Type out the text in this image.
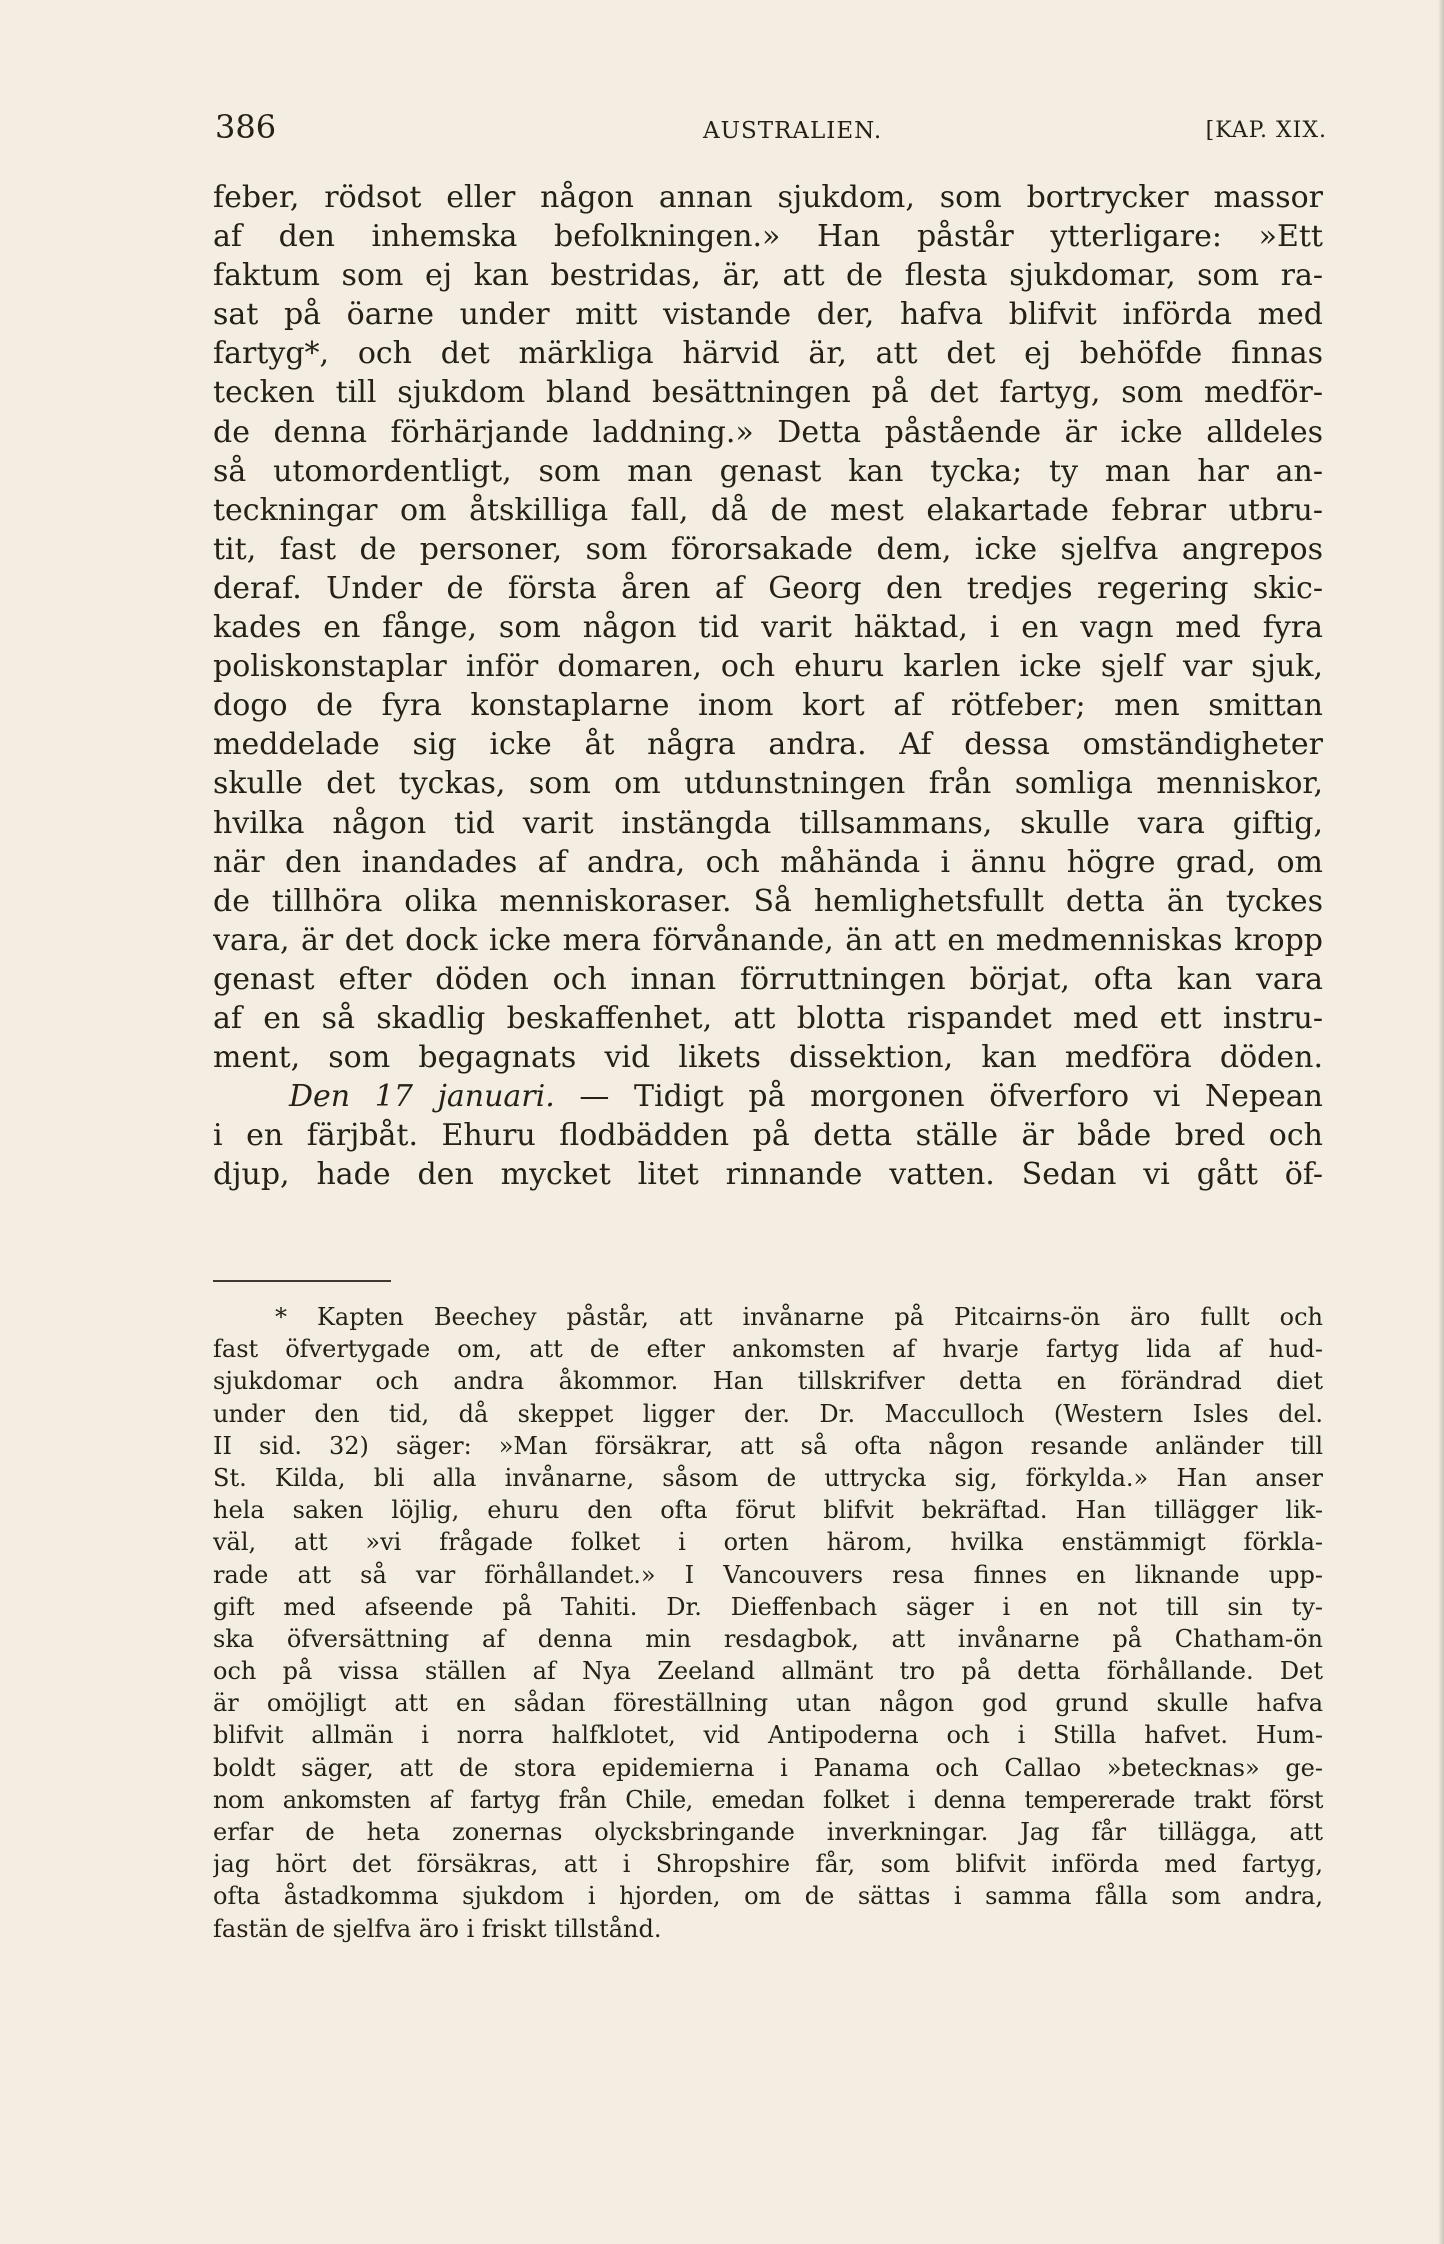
386	AUSTRALIEN.	[KAP. XIX.
feber, rödsot eller någon annan sjukdom, som bortrycker massor
af den inhemska befolkningen.» Han påstår ytterligare: »Ett
faktum som ej kan bestridas, är, att de flesta sjukdomar, som ra-
sat på öarne under mitt vistande der, hafva blifvit införda med
fartyg*, och det märkliga härvid är, att det ej behöfde finnas
tecken till sjukdom bland besättningen på det fartyg, som medför-
de denna förhärjande laddning.» Detta påstående är icke alldeles
så utomordentligt, som man genast kan tycka; ty man har an-
teckningar om åtskilliga fall, då de mest elakartade febrar utbru-
tit, fast de personer, som förorsakade dem, icke sjelfva angrepos
deraf. Under de första åren af Georg den tredjes regering skic-
kades en fånge, som någon tid varit häktad, i en vagn med fyra
poliskonstaplar inför domaren, och ehuru karlen icke sjelf var sjuk,
dogo de fyra konstaplarne inom kort af rötfeber; men smittan
meddelade sig icke åt några andra. Af dessa omständigheter
skulle det tyckas, som om utdunstningen från somliga menniskor,
hvilka någon tid varit instängda tillsammans, skulle vara giftig,
när den inandades af andra, och måhända i ännu högre grad, om
de tillhöra olika menniskoraser. Så hemlighetsfullt detta än tyckes
vara, är det dock icke mera förvånande, än att en medmenniskas kropp
genast efter döden och innan förruttningen börjat, ofta kan vara
af en så skadlig beskaffenhet, att blotta rispandet med ett instru-
ment, som begagnats vid likets dissektion, kan medföra döden.
Den 17 januari. — Tidigt på morgonen öfverforo vi Nepean
i en färjbåt. Ehuru flodbädden på detta ställe är både bred och
djup, hade den mycket litet rinnande vatten. Sedan vi gått öf-
* Kapten Beechey påstår, att invånarne på Pitcairns-ön äro fullt och
fast öfvertygade om, att de efter ankomsten af hvarje fartyg lida af hud-
sjukdomar och andra åkommor. Han tillskrifver detta en förändrad diet
under den tid, då skeppet ligger der. Dr. Macculloch (Western Isles del.
II sid. 32) säger: »Man försäkrar, att så ofta någon resande anländer till
St. Kilda, bli alla invånarne, såsom de uttrycka sig, förkylda.» Han anser
hela saken löjlig, ehuru den ofta förut blifvit bekräftad. Han tillägger lik-
väl, att »vi frågade folket i orten härom, hvilka enstämmigt förkla-
rade att så var förhållandet.» I Vancouvers resa finnes en liknande upp-
gift med afseende på Tahiti. Dr. Dieffenbach säger i en not till sin ty-
ska öfversättning af denna min resdagbok, att invånarne på Chatham-ön
och på vissa ställen af Nya Zeeland allmänt tro på detta förhållande. Det
är omöjligt att en sådan föreställning utan någon god grund skulle hafva
blifvit allmän i norra halfklotet, vid Antipoderna och i Stilla hafvet. Hum-
boldt säger, att de stora epidemierna i Panama och Callao »betecknas» ge-
nom ankomsten af fartyg från Chile, emedan folket i denna tempererade trakt först
erfar de heta zonernas olycksbringande inverkningar. Jag får tillägga, att
jag hört det försäkras, att i Shropshire får, som blifvit införda med fartyg,
ofta åstadkomma sjukdom i hjorden, om de sättas i samma fålla som andra,
fastän de sjelfva äro i friskt tillstånd.
